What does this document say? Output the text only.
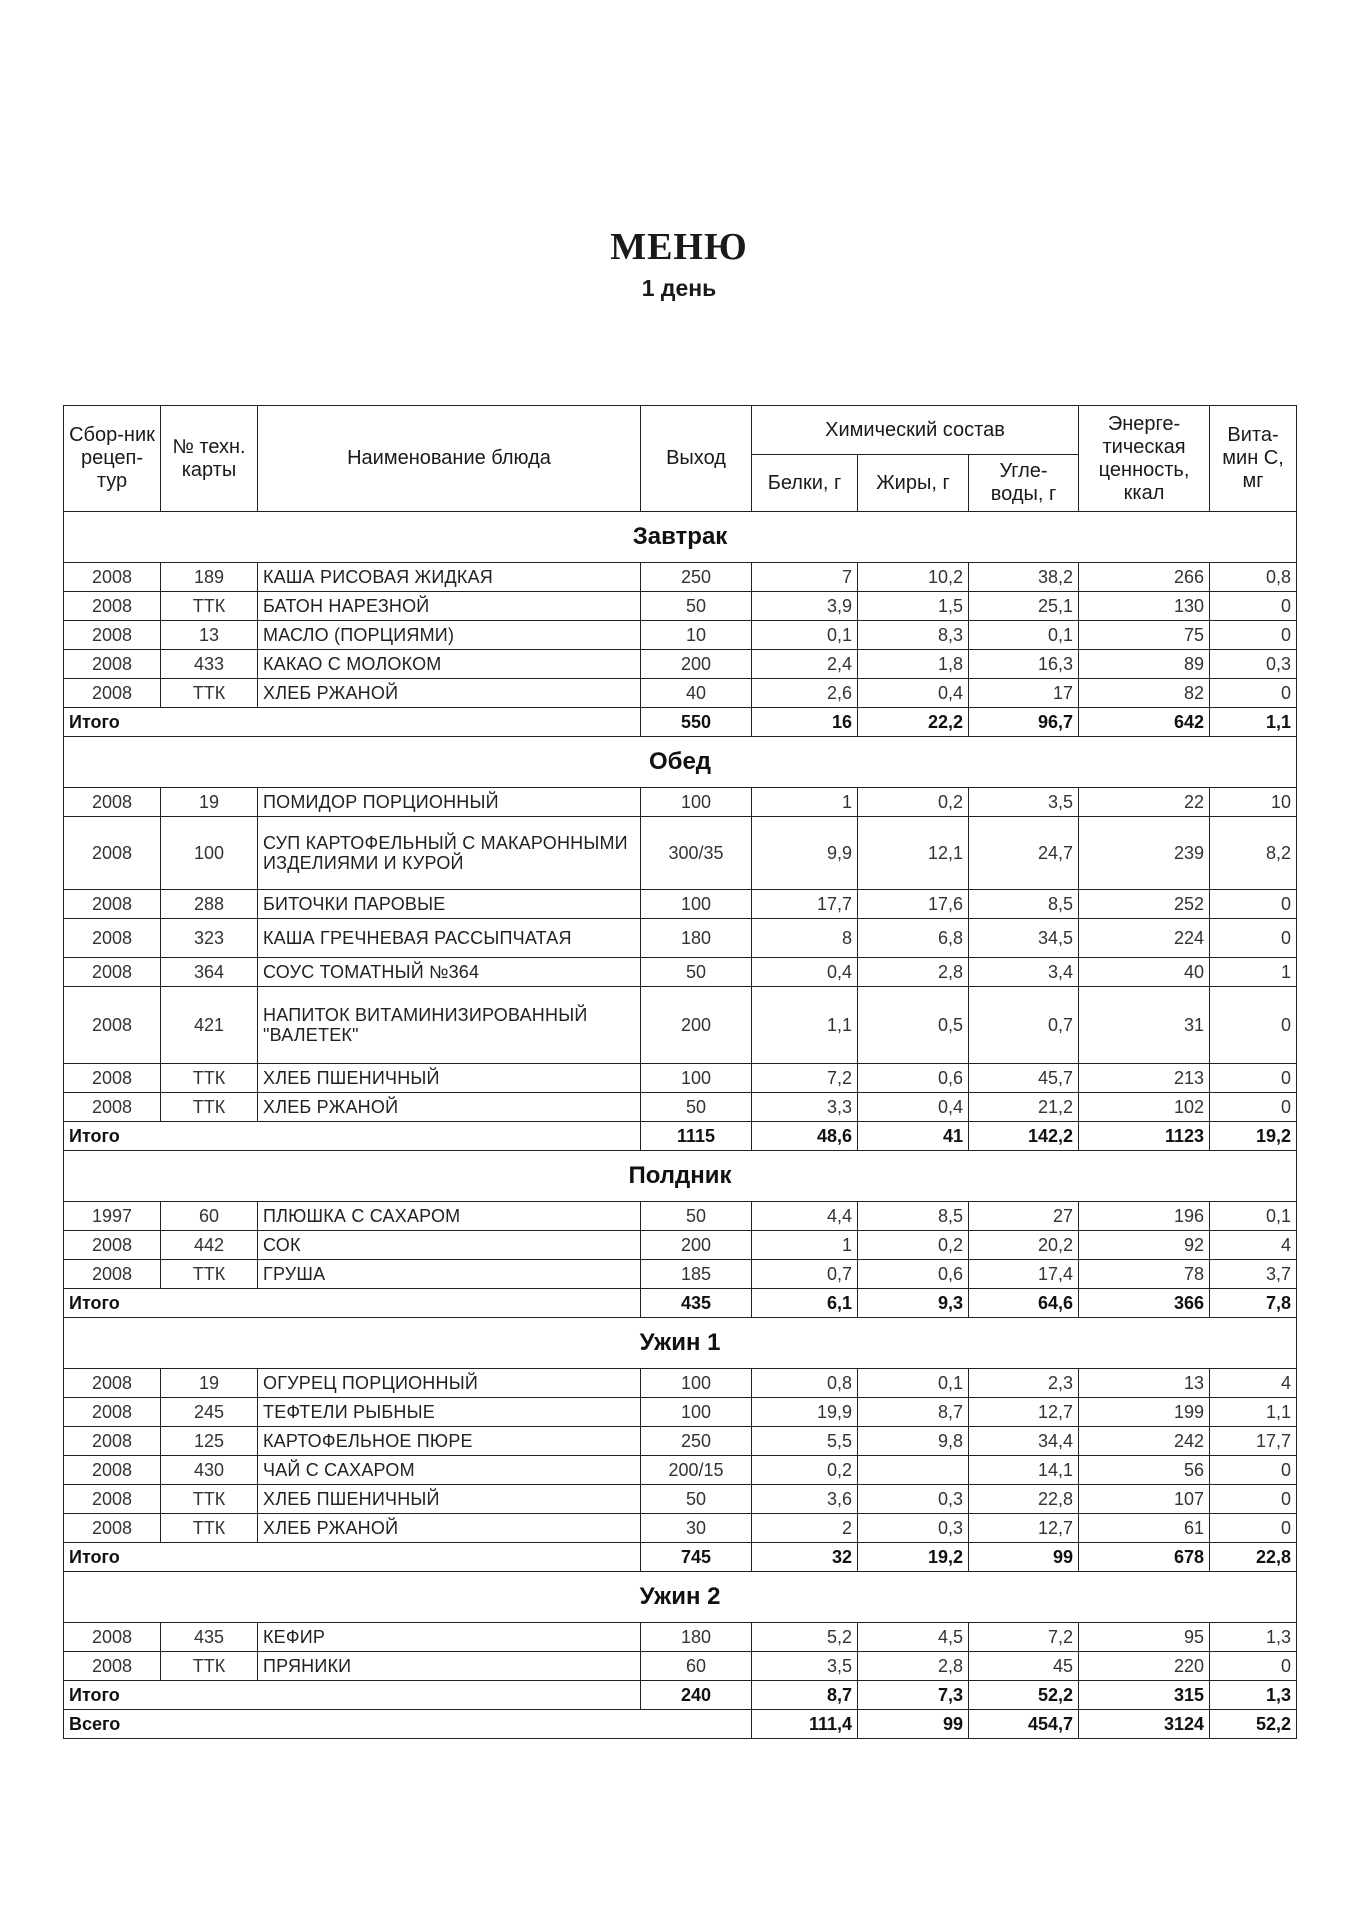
МЕНЮ
1 день
Сбор-ник рецеп-тур	№ техн. карты	Наименование блюда	Выход	Химический состав			Энерге-тическая ценность, ккал	Вита-мин С, мг
				Белки, г	Жиры, г	Угле-воды, г		
Завтрак								
2008	189	КАША РИСОВАЯ ЖИДКАЯ	250	7	10,2	38,2	266	0,8
2008	ТТК	БАТОН НАРЕЗНОЙ	50	3,9	1,5	25,1	130	0
2008	13	МАСЛО (ПОРЦИЯМИ)	10	0,1	8,3	0,1	75	0
2008	433	КАКАО С МОЛОКОМ	200	2,4	1,8	16,3	89	0,3
2008	ТТК	ХЛЕБ РЖАНОЙ	40	2,6	0,4	17	82	0
Итого			550	16	22,2	96,7	642	1,1
Обед								
2008	19	ПОМИДОР ПОРЦИОННЫЙ	100	1	0,2	3,5	22	10
2008	100	СУП КАРТОФЕЛЬНЫЙ С МАКАРОННЫМИ ИЗДЕЛИЯМИ И КУРОЙ	300/35	9,9	12,1	24,7	239	8,2
2008	288	БИТОЧКИ ПАРОВЫЕ	100	17,7	17,6	8,5	252	0
2008	323	КАША ГРЕЧНЕВАЯ РАССЫПЧАТАЯ	180	8	6,8	34,5	224	0
2008	364	СОУС ТОМАТНЫЙ №364	50	0,4	2,8	3,4	40	1
2008	421	НАПИТОК ВИТАМИНИЗИРОВАННЫЙ "ВАЛЕТЕК"	200	1,1	0,5	0,7	31	0
2008	ТТК	ХЛЕБ ПШЕНИЧНЫЙ	100	7,2	0,6	45,7	213	0
2008	ТТК	ХЛЕБ РЖАНОЙ	50	3,3	0,4	21,2	102	0
Итого			1115	48,6	41	142,2	1123	19,2
Полдник								
1997	60	ПЛЮШКА С САХАРОМ	50	4,4	8,5	27	196	0,1
2008	442	СОК	200	1	0,2	20,2	92	4
2008	ТТК	ГРУША	185	0,7	0,6	17,4	78	3,7
Итого			435	6,1	9,3	64,6	366	7,8
Ужин 1								
2008	19	ОГУРЕЦ ПОРЦИОННЫЙ	100	0,8	0,1	2,3	13	4
2008	245	ТЕФТЕЛИ РЫБНЫЕ	100	19,9	8,7	12,7	199	1,1
2008	125	КАРТОФЕЛЬНОЕ ПЮРЕ	250	5,5	9,8	34,4	242	17,7
2008	430	ЧАЙ С САХАРОМ	200/15	0,2		14,1	56	0
2008	ТТК	ХЛЕБ ПШЕНИЧНЫЙ	50	3,6	0,3	22,8	107	0
2008	ТТК	ХЛЕБ РЖАНОЙ	30	2	0,3	12,7	61	0
Итого			745	32	19,2	99	678	22,8
Ужин 2								
2008	435	КЕФИР	180	5,2	4,5	7,2	95	1,3
2008	ТТК	ПРЯНИКИ	60	3,5	2,8	45	220	0
Итого			240	8,7	7,3	52,2	315	1,3
Всего				111,4	99	454,7	3124	52,2
